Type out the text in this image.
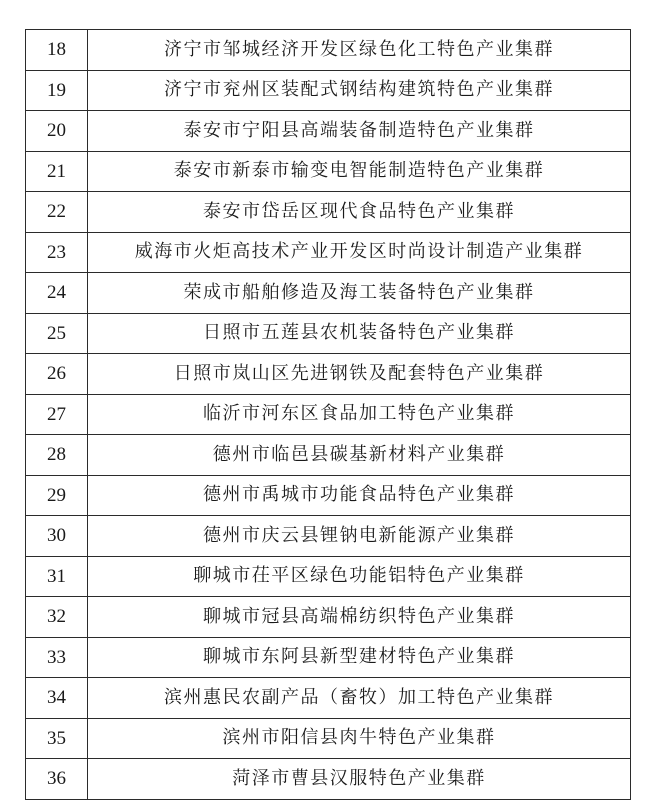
18	济宁市邹城经济开发区绿色化工特色产业集群
19	济宁市兖州区装配式钢结构建筑特色产业集群
20	泰安市宁阳县高端装备制造特色产业集群
21	泰安市新泰市输变电智能制造特色产业集群
22	泰安市岱岳区现代食品特色产业集群
23	威海市火炬高技术产业开发区时尚设计制造产业集群
24	荣成市船舶修造及海工装备特色产业集群
25	日照市五莲县农机装备特色产业集群
26	日照市岚山区先进钢铁及配套特色产业集群
27	临沂市河东区食品加工特色产业集群
28	德州市临邑县碳基新材料产业集群
29	德州市禹城市功能食品特色产业集群
30	德州市庆云县锂钠电新能源产业集群
31	聊城市茌平区绿色功能铝特色产业集群
32	聊城市冠县高端棉纺织特色产业集群
33	聊城市东阿县新型建材特色产业集群
34	滨州惠民农副产品（畜牧）加工特色产业集群
35	滨州市阳信县肉牛特色产业集群
36	菏泽市曹县汉服特色产业集群
